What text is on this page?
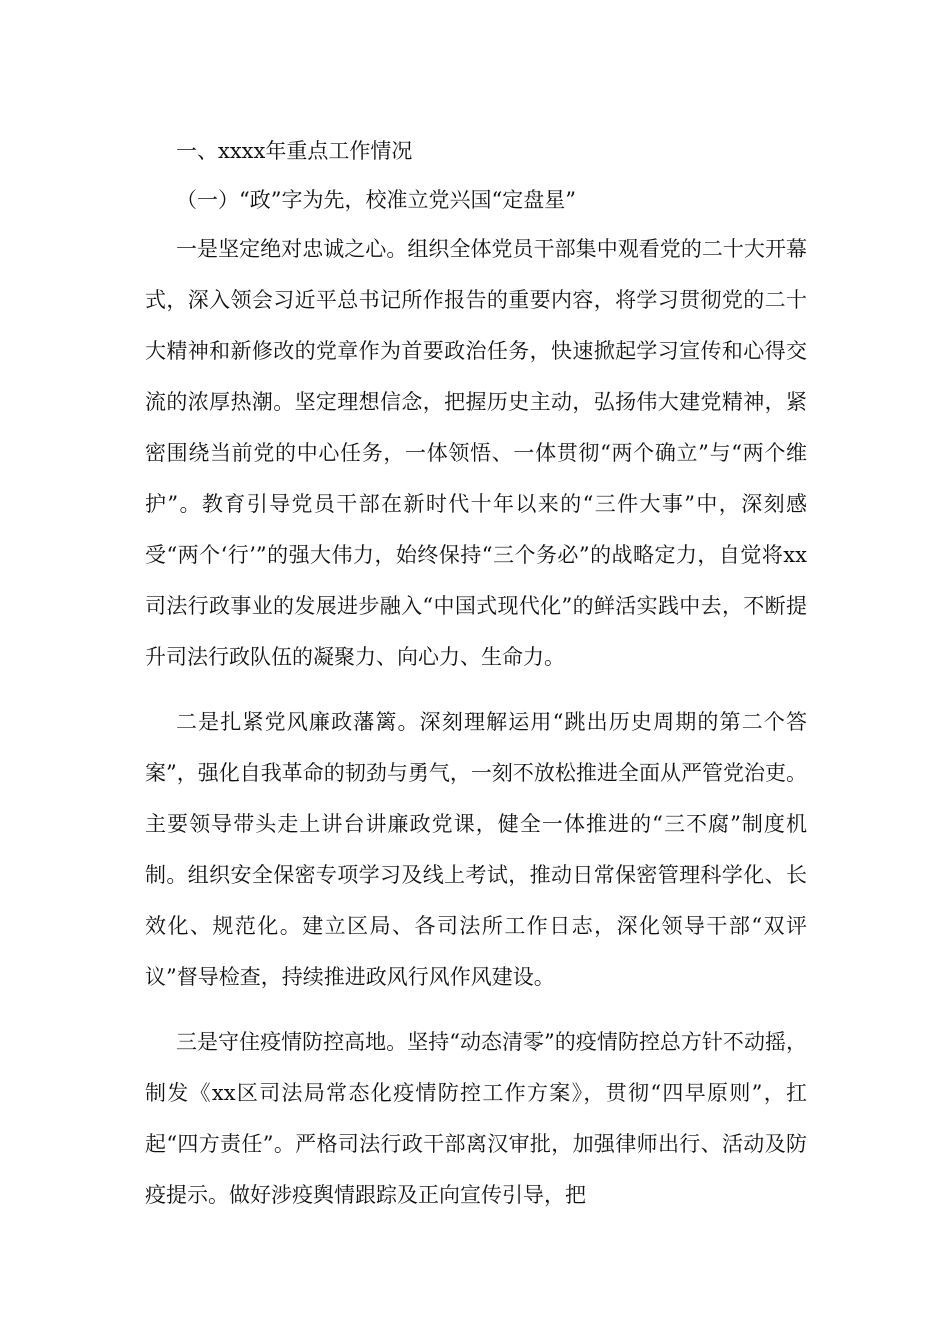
一、xxxx年重点工作情况

（一）“政”字为先，校准立党兴国“定盘星”

一是坚定绝对忠诚之心。组织全体党员干部集中观看党的二十大开幕式，深入领会习近平总书记所作报告的重要内容，将学习贯彻党的二十大精神和新修改的党章作为首要政治任务，快速掀起学习宣传和心得交流的浓厚热潮。坚定理想信念，把握历史主动，弘扬伟大建党精神，紧密围绕当前党的中心任务，一体领悟、一体贯彻“两个确立”与“两个维护”。教育引导党员干部在新时代十年以来的“三件大事”中，深刻感受“两个‘行’”的强大伟力，始终保持“三个务必”的战略定力，自觉将xx司法行政事业的发展进步融入“中国式现代化”的鲜活实践中去，不断提升司法行政队伍的凝聚力、向心力、生命力。

二是扎紧党风廉政藩篱。深刻理解运用“跳出历史周期的第二个答案”，强化自我革命的韧劲与勇气，一刻不放松推进全面从严管党治吏。主要领导带头走上讲台讲廉政党课，健全一体推进的“三不腐”制度机制。组织安全保密专项学习及线上考试，推动日常保密管理科学化、长效化、规范化。建立区局、各司法所工作日志，深化领导干部“双评议”督导检查，持续推进政风行风作风建设。

三是守住疫情防控高地。坚持“动态清零”的疫情防控总方针不动摇，制发《xx区司法局常态化疫情防控工作方案》，贯彻“四早原则”，扛起“四方责任”。严格司法行政干部离汉审批，加强律师出行、活动及防疫提示。做好涉疫舆情跟踪及正向宣传引导，把
